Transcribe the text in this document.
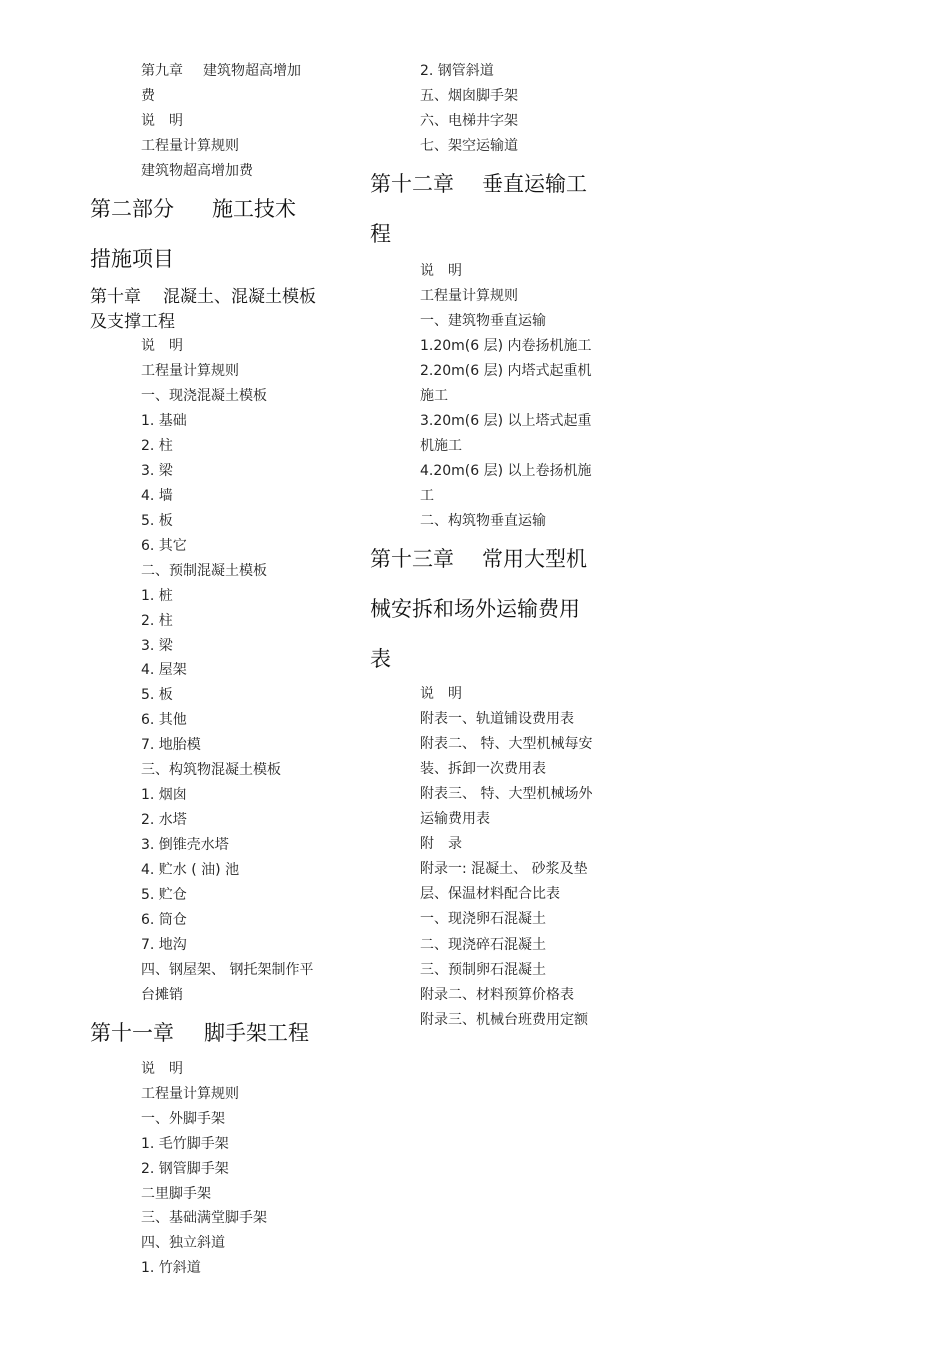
第九章 建筑物超高增加
费
说　明
工程量计算规则
建筑物超高增加费
第二部分 施工技术
措施项目
第十章 混凝土、混凝土模板
及支撑工程
说　明
工程量计算规则
一、现浇混凝土模板
1. 基础
2. 柱
3. 梁
4. 墙
5. 板
6. 其它
二、预制混凝土模板
1. 桩
2. 柱
3. 梁
4. 屋架
5. 板
6. 其他
7. 地胎模
三、构筑物混凝土模板
1. 烟囱
2. 水塔
3. 倒锥壳水塔
4. 贮水 ( 油) 池
5. 贮仓
6. 筒仓
7. 地沟
四、钢屋架、 钢托架制作平
台摊销
第十一章 脚手架工程
说　明
工程量计算规则
一、外脚手架
1. 毛竹脚手架
2. 钢管脚手架
二里脚手架
三、基础满堂脚手架
四、独立斜道
1. 竹斜道
2. 钢管斜道
五、烟囱脚手架
六、电梯井字架
七、架空运输道
第十二章 垂直运输工
程
说　明
工程量计算规则
一、建筑物垂直运输
1.20m(6 层) 内卷扬机施工
2.20m(6 层) 内塔式起重机
施工
3.20m(6 层) 以上塔式起重
机施工
4.20m(6 层) 以上卷扬机施
工
二、构筑物垂直运输
第十三章 常用大型机
械安拆和场外运输费用
表
说　明
附表一、轨道铺设费用表
附表二、 特、大型机械每安
装、拆卸一次费用表
附表三、 特、大型机械场外
运输费用表
附　录
附录一: 混凝土、 砂浆及垫
层、保温材料配合比表
一、现浇卵石混凝土
二、现浇碎石混凝土
三、预制卵石混凝土
附录二、材料预算价格表
附录三、机械台班费用定额
